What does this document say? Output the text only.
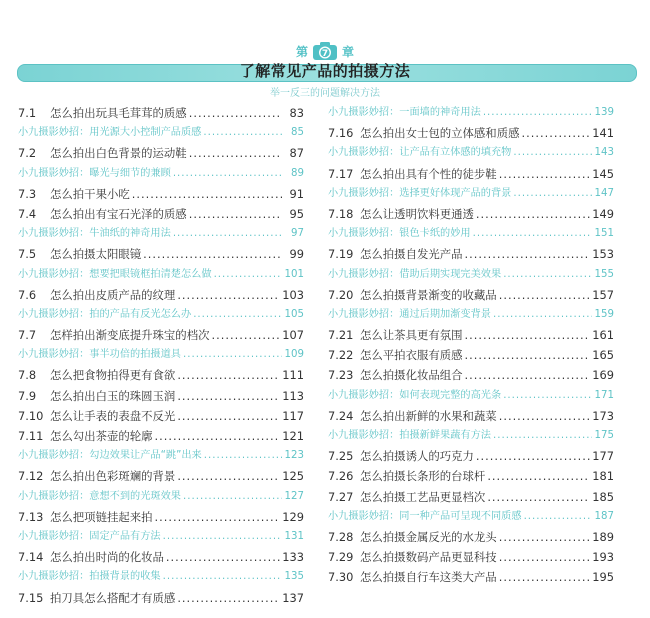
第 7 章
了解常见产品的拍摄方法
举一反三的问题解决方法
7.1	怎么拍出玩具毛茸茸的质感 .....	83
小九摄影妙招：用光源大小控制产品质感 .....	85
7.2	怎么拍出白色背景的运动鞋 .....	87
小九摄影妙招：曝光与细节的兼顾 .....	89
7.3	怎么拍干果小吃 .....	91
7.4	怎么拍出有宝石光泽的质感 .....	95
小九摄影妙招：牛油纸的神奇用法 .....	97
7.5	怎么拍摄太阳眼镜 .....	99
小九摄影妙招：想要把眼镜框拍清楚怎么做 .....	101
7.6	怎么拍出皮质产品的纹理 .....	103
小九摄影妙招：拍的产品有反光怎么办 .....	105
7.7	怎样拍出渐变底提升珠宝的档次 .....	107
小九摄影妙招：事半功倍的拍摄道具 .....	109
7.8	怎么把食物拍得更有食欲 .....	111
7.9	怎么拍出白玉的珠圆玉润 .....	113
7.10 怎么让手表的表盘不反光 .....	117
7.11 怎么勾出茶壶的轮廓 .....	121
小九摄影妙招：勾边效果让产品“跳”出来 .....	123
7.12 怎么拍出色彩斑斓的背景 .....	125
小九摄影妙招：意想不到的光斑效果 .....	127
7.13 怎么把项链挂起来拍 .....	129
小九摄影妙招：固定产品有方法 .....	131
7.14 怎么拍出时尚的化妆品 .....	133
小九摄影妙招：拍摄背景的收集 .....	135
7.15 拍刀具怎么搭配才有质感 .....	137
小九摄影妙招：一面墙的神奇用法 .....	139
7.16 怎么拍出女士包的立体感和质感 .....	141
小九摄影妙招：让产品有立体感的填充物 .....	143
7.17 怎么拍出具有个性的徒步鞋 .....	145
小九摄影妙招：选择更好体现产品的背景 .....	147
7.18 怎么让透明饮料更通透 .....	149
小九摄影妙招：银色卡纸的妙用 .....	151
7.19 怎么拍摄自发光产品 .....	153
小九摄影妙招：借助后期实现完美效果 .....	155
7.20 怎么拍摄背景渐变的收藏品 .....	157
小九摄影妙招：通过后期加渐变背景 .....	159
7.21 怎么让茶具更有氛围 .....	161
7.22 怎么平拍衣服有质感 .....	165
7.23 怎么拍摄化妆品组合 .....	169
小九摄影妙招：如何表现完整的高光条 .....	171
7.24 怎么拍出新鲜的水果和蔬菜 .....	173
小九摄影妙招：拍摄新鲜果蔬有方法 .....	175
7.25 怎么拍摄诱人的巧克力 .....	177
7.26 怎么拍摄长条形的台球杆 .....	181
7.27 怎么拍摄工艺品更显档次 .....	185
小九摄影妙招：同一种产品可呈现不同质感 .....	187
7.28 怎么拍摄金属反光的水龙头 .....	189
7.29 怎么拍摄数码产品更显科技 .....	193
7.30 怎么拍摄自行车这类大产品 .....	195
